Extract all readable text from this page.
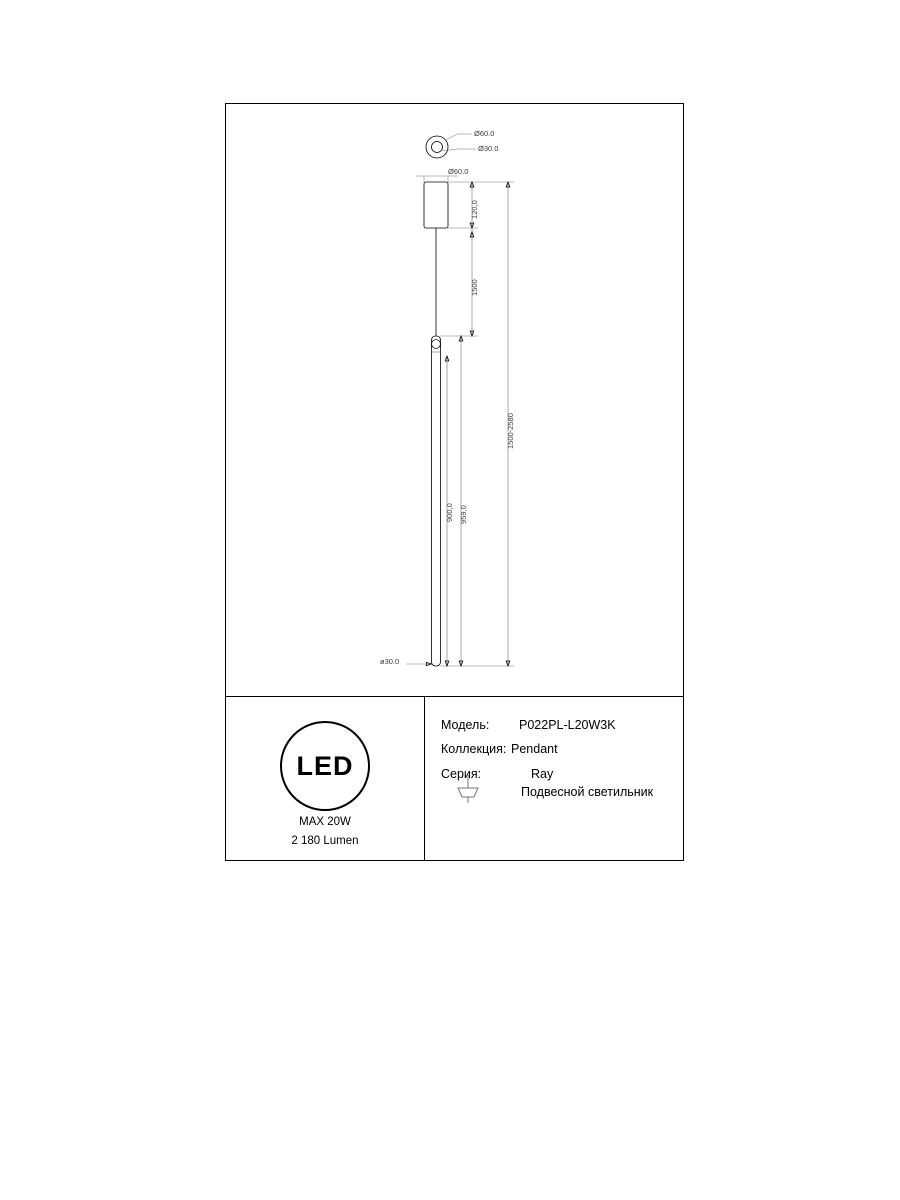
Ø60.0
Ø30.0
Ø60.0
120,0
1500
1500-2580
959,0
900,0
ø30.0
LED
MAX 20W
2 180 Lumen
Модель: P022PL-L20W3K
Коллекция: Pendant
Серия:	Ray
Подвесной светильник
